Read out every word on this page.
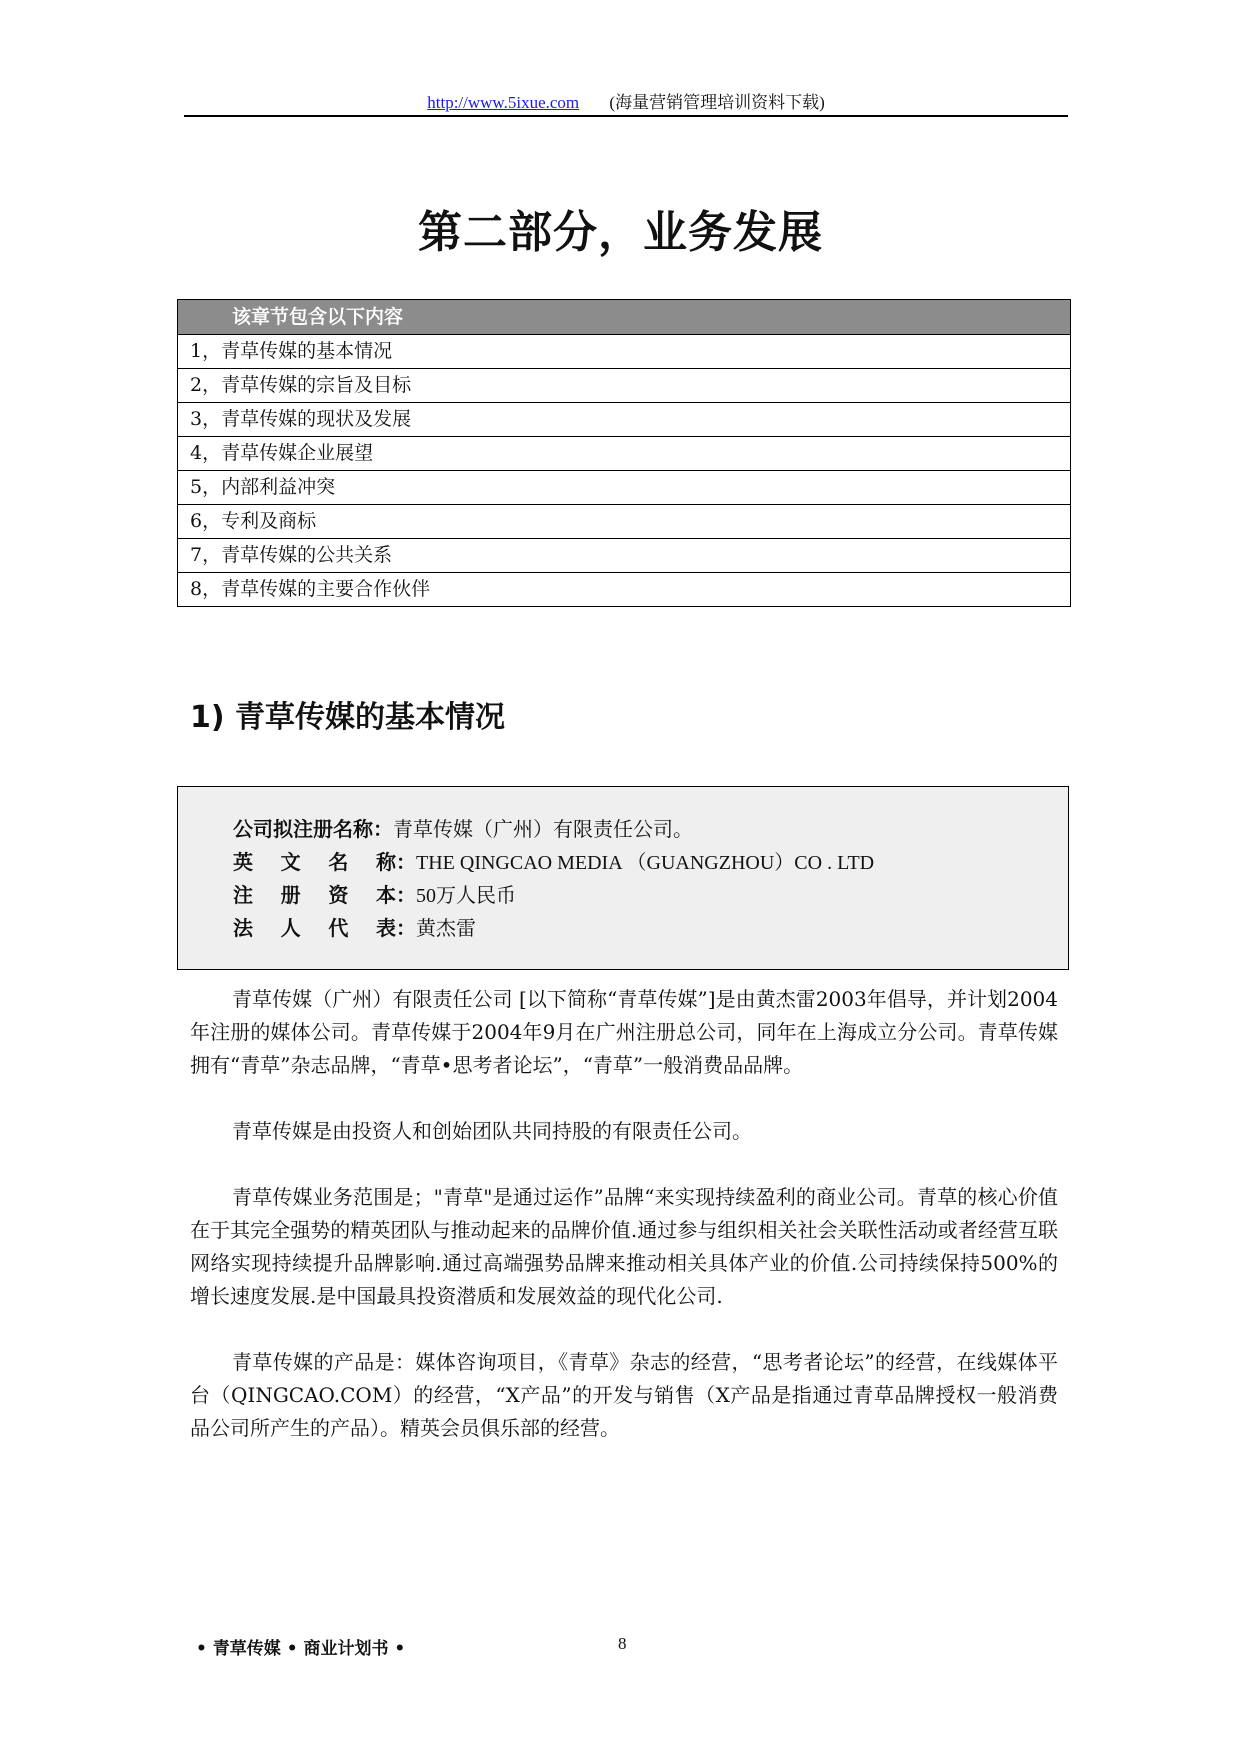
http://www.5ixue.com (海量营销管理培训资料下载)
第二部分，业务发展
该章节包含以下内容
1，青草传媒的基本情况
2，青草传媒的宗旨及目标
3，青草传媒的现状及发展
4，青草传媒企业展望
5，内部利益冲突
6，专利及商标
7，青草传媒的公共关系
8，青草传媒的主要合作伙伴
1) 青草传媒的基本情况
公司拟注册名称：青草传媒（广州）有限责任公司。
英 文 名 称 ：THE QINGCAO MEDIA （GUANGZHOU）CO . LTD
注 册 资 本 ：50万人民币
法 人 代 表 ：黄杰雷

青草传媒（广州）有限责任公司 [以下简称“青草传媒”]是由黄杰雷2003年倡导，并计划2004年注册的媒体公司。青草传媒于2004年9月在广州注册总公司，同年在上海成立分公司。青草传媒拥有“青草”杂志品牌，“青草•思考者论坛”，“青草”一般消费品品牌。

青草传媒是由投资人和创始团队共同持股的有限责任公司。

青草传媒业务范围是；"青草"是通过运作”品牌“来实现持续盈利的商业公司。青草的核心价值在于其完全强势的精英团队与推动起来的品牌价值.通过参与组织相关社会关联性活动或者经营互联网络实现持续提升品牌影响.通过高端强势品牌来推动相关具体产业的价值.公司持续保持500%的增长速度发展.是中国最具投资潜质和发展效益的现代化公司.

青草传媒的产品是：媒体咨询项目，《青草》杂志的经营，“思考者论坛”的经营，在线媒体平台（QINGCAO.COM）的经营，“X产品”的开发与销售（X产品是指通过青草品牌授权一般消费品公司所产生的产品）。精英会员俱乐部的经营。

• 青草传媒 • 商业计划书 •	8
